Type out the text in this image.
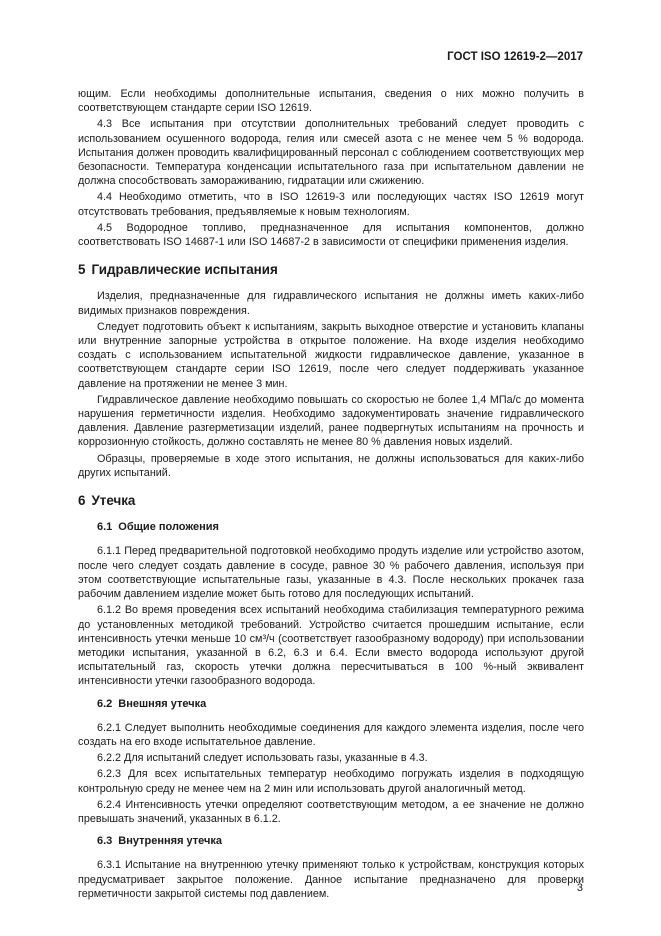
ГОСТ ISO 12619-2—2017

ющим. Если необходимы дополнительные испытания, сведения о них можно получить в соответствующем стандарте серии ISO 12619.

4.3 Все испытания при отсутствии дополнительных требований следует проводить с использованием осушенного водорода, гелия или смесей азота с не менее чем 5 % водорода. Испытания должен проводить квалифицированный персонал с соблюдением соответствующих мер безопасности. Температура конденсации испытательного газа при испытательном давлении не должна способствовать замораживанию, гидратации или сжижению.

4.4 Необходимо отметить, что в ISO 12619-3 или последующих частях ISO 12619 могут отсутствовать требования, предъявляемые к новым технологиям.

4.5 Водородное топливо, предназначенное для испытания компонентов, должно соответствовать ISO 14687-1 или ISO 14687-2 в зависимости от специфики применения изделия.

5 Гидравлические испытания

Изделия, предназначенные для гидравлического испытания не должны иметь каких-либо видимых признаков повреждения.

Следует подготовить объект к испытаниям, закрыть выходное отверстие и установить клапаны или внутренние запорные устройства в открытое положение. На входе изделия необходимо создать с использованием испытательной жидкости гидравлическое давление, указанное в соответствующем стандарте серии ISO 12619, после чего следует поддерживать указанное давление на протяжении не менее 3 мин.

Гидравлическое давление необходимо повышать со скоростью не более 1,4 МПа/с до момента нарушения герметичности изделия. Необходимо задокументировать значение гидравлического давления. Давление разгерметизации изделий, ранее подвергнутых испытаниям на прочность и коррозионную стойкость, должно составлять не менее 80 % давления новых изделий.

Образцы, проверяемые в ходе этого испытания, не должны использоваться для каких-либо других испытаний.

6 Утечка
6.1 Общие положения

6.1.1 Перед предварительной подготовкой необходимо продуть изделие или устройство азотом, после чего следует создать давление в сосуде, равное 30 % рабочего давления, используя при этом соответствующие испытательные газы, указанные в 4.3. После нескольких прокачек газа рабочим давлением изделие может быть готово для последующих испытаний.

6.1.2 Во время проведения всех испытаний необходима стабилизация температурного режима до установленных методикой требований. Устройство считается прошедшим испытание, если интенсивность утечки меньше 10 см³/ч (соответствует газообразному водороду) при использовании методики испытания, указанной в 6.2, 6.3 и 6.4. Если вместо водорода используют другой испытательный газ, скорость утечки должна пересчитываться в 100 %-ный эквивалент интенсивности утечки газообразного водорода.

6.2 Внешняя утечка

6.2.1 Следует выполнить необходимые соединения для каждого элемента изделия, после чего создать на его входе испытательное давление.

6.2.2 Для испытаний следует использовать газы, указанные в 4.3.

6.2.3 Для всех испытательных температур необходимо погружать изделия в подходящую контрольную среду не менее чем на 2 мин или использовать другой аналогичный метод.

6.2.4 Интенсивность утечки определяют соответствующим методом, а ее значение не должно превышать значений, указанных в 6.1.2.

6.3 Внутренняя утечка

6.3.1 Испытание на внутреннюю утечку применяют только к устройствам, конструкция которых предусматривает закрытое положение. Данное испытание предназначено для проверки герметичности закрытой системы под давлением.	3
